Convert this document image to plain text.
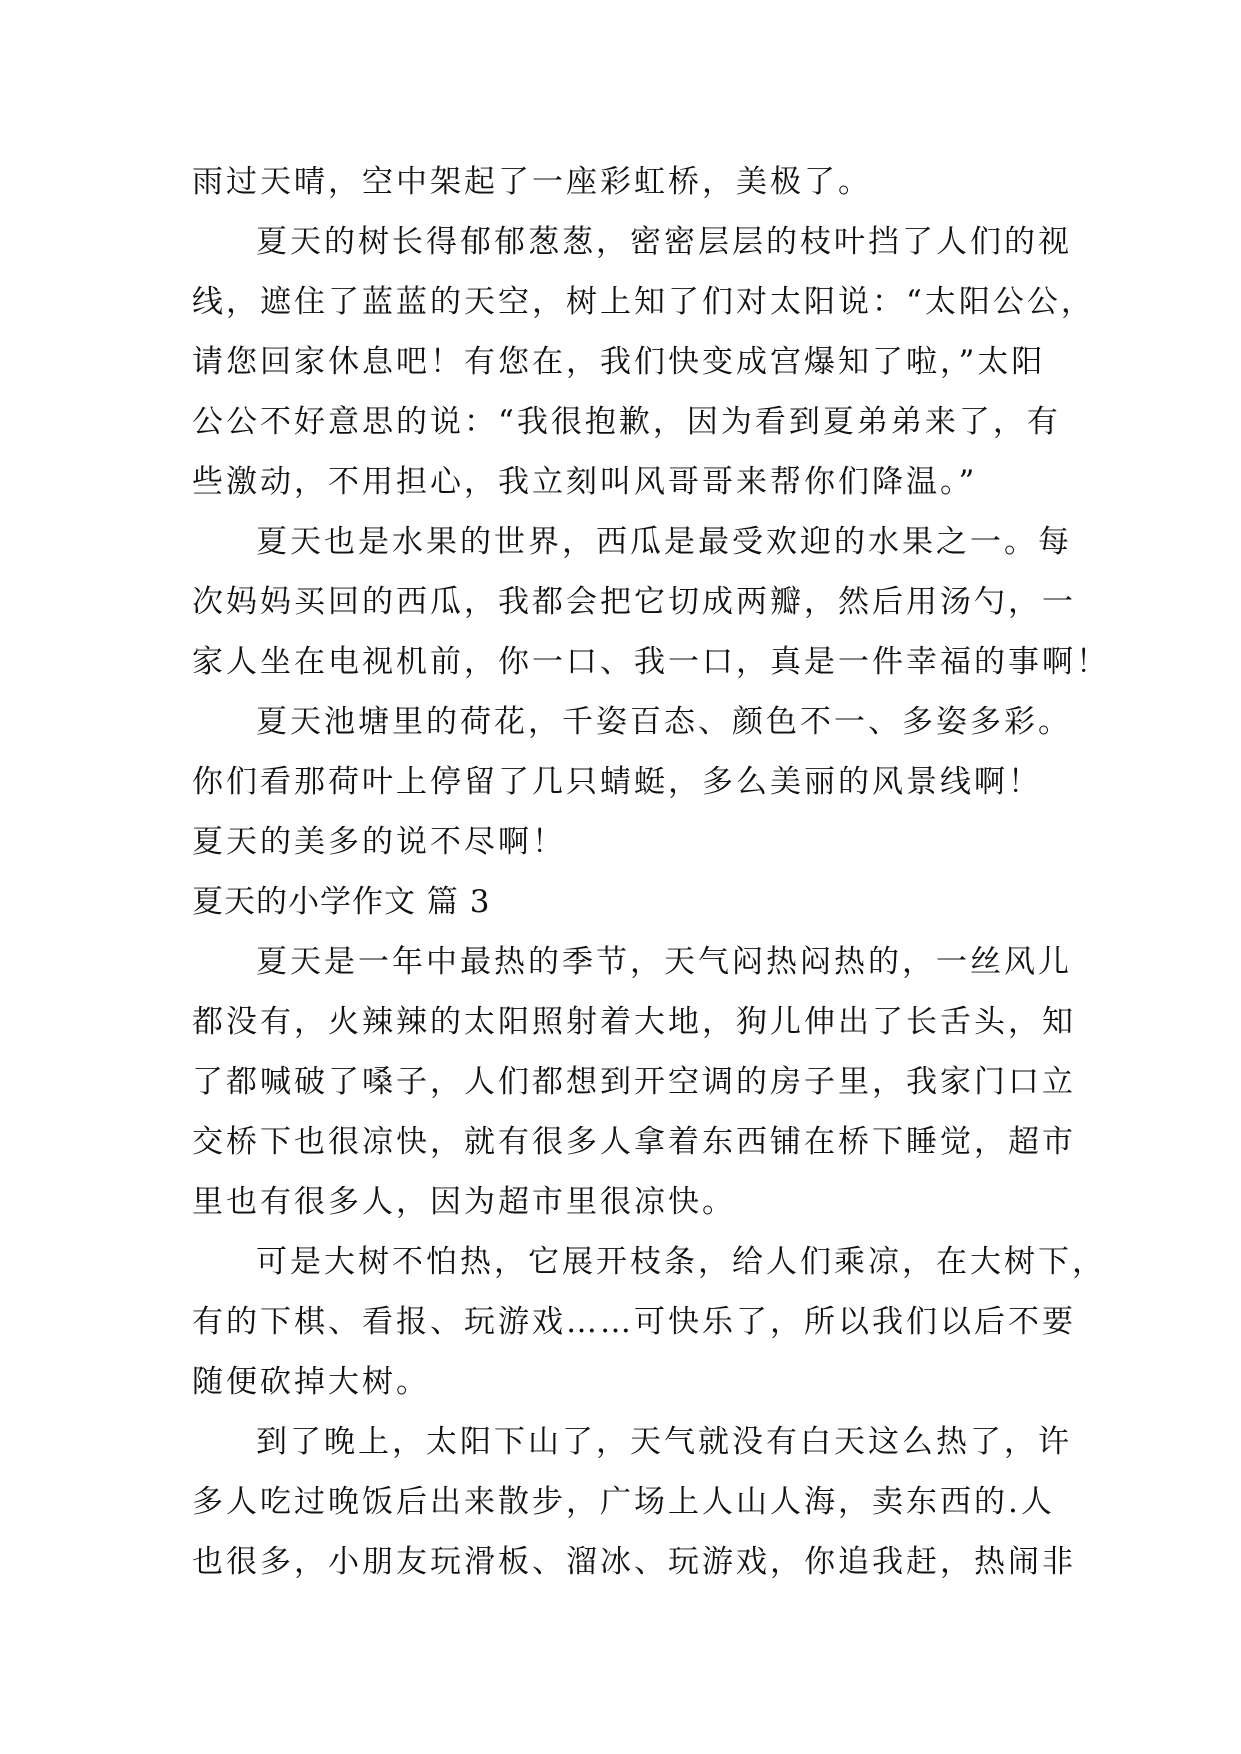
雨过天晴，空中架起了一座彩虹桥，美极了。
夏天的树长得郁郁葱葱，密密层层的枝叶挡了人们的视
线，遮住了蓝蓝的天空，树上知了们对太阳说：“太阳公公，
请您回家休息吧！有您在，我们快变成宫爆知了啦，”太阳
公公不好意思的说：“我很抱歉，因为看到夏弟弟来了，有
些激动，不用担心，我立刻叫风哥哥来帮你们降温。”
夏天也是水果的世界，西瓜是最受欢迎的水果之一。每
次妈妈买回的西瓜，我都会把它切成两瓣，然后用汤勺，一
家人坐在电视机前，你一口、我一口，真是一件幸福的事啊！
夏天池塘里的荷花，千姿百态、颜色不一、多姿多彩。
你们看那荷叶上停留了几只蜻蜓，多么美丽的风景线啊！
夏天的美多的说不尽啊！
夏天的小学作文 篇 3
夏天是一年中最热的季节，天气闷热闷热的，一丝风儿
都没有，火辣辣的太阳照射着大地，狗儿伸出了长舌头，知
了都喊破了嗓子，人们都想到开空调的房子里，我家门口立
交桥下也很凉快，就有很多人拿着东西铺在桥下睡觉，超市
里也有很多人，因为超市里很凉快。
可是大树不怕热，它展开枝条，给人们乘凉，在大树下，
有的下棋、看报、玩游戏……可快乐了，所以我们以后不要
随便砍掉大树。
到了晚上，太阳下山了，天气就没有白天这么热了，许
多人吃过晚饭后出来散步，广场上人山人海，卖东西的.人
也很多，小朋友玩滑板、溜冰、玩游戏，你追我赶，热闹非
